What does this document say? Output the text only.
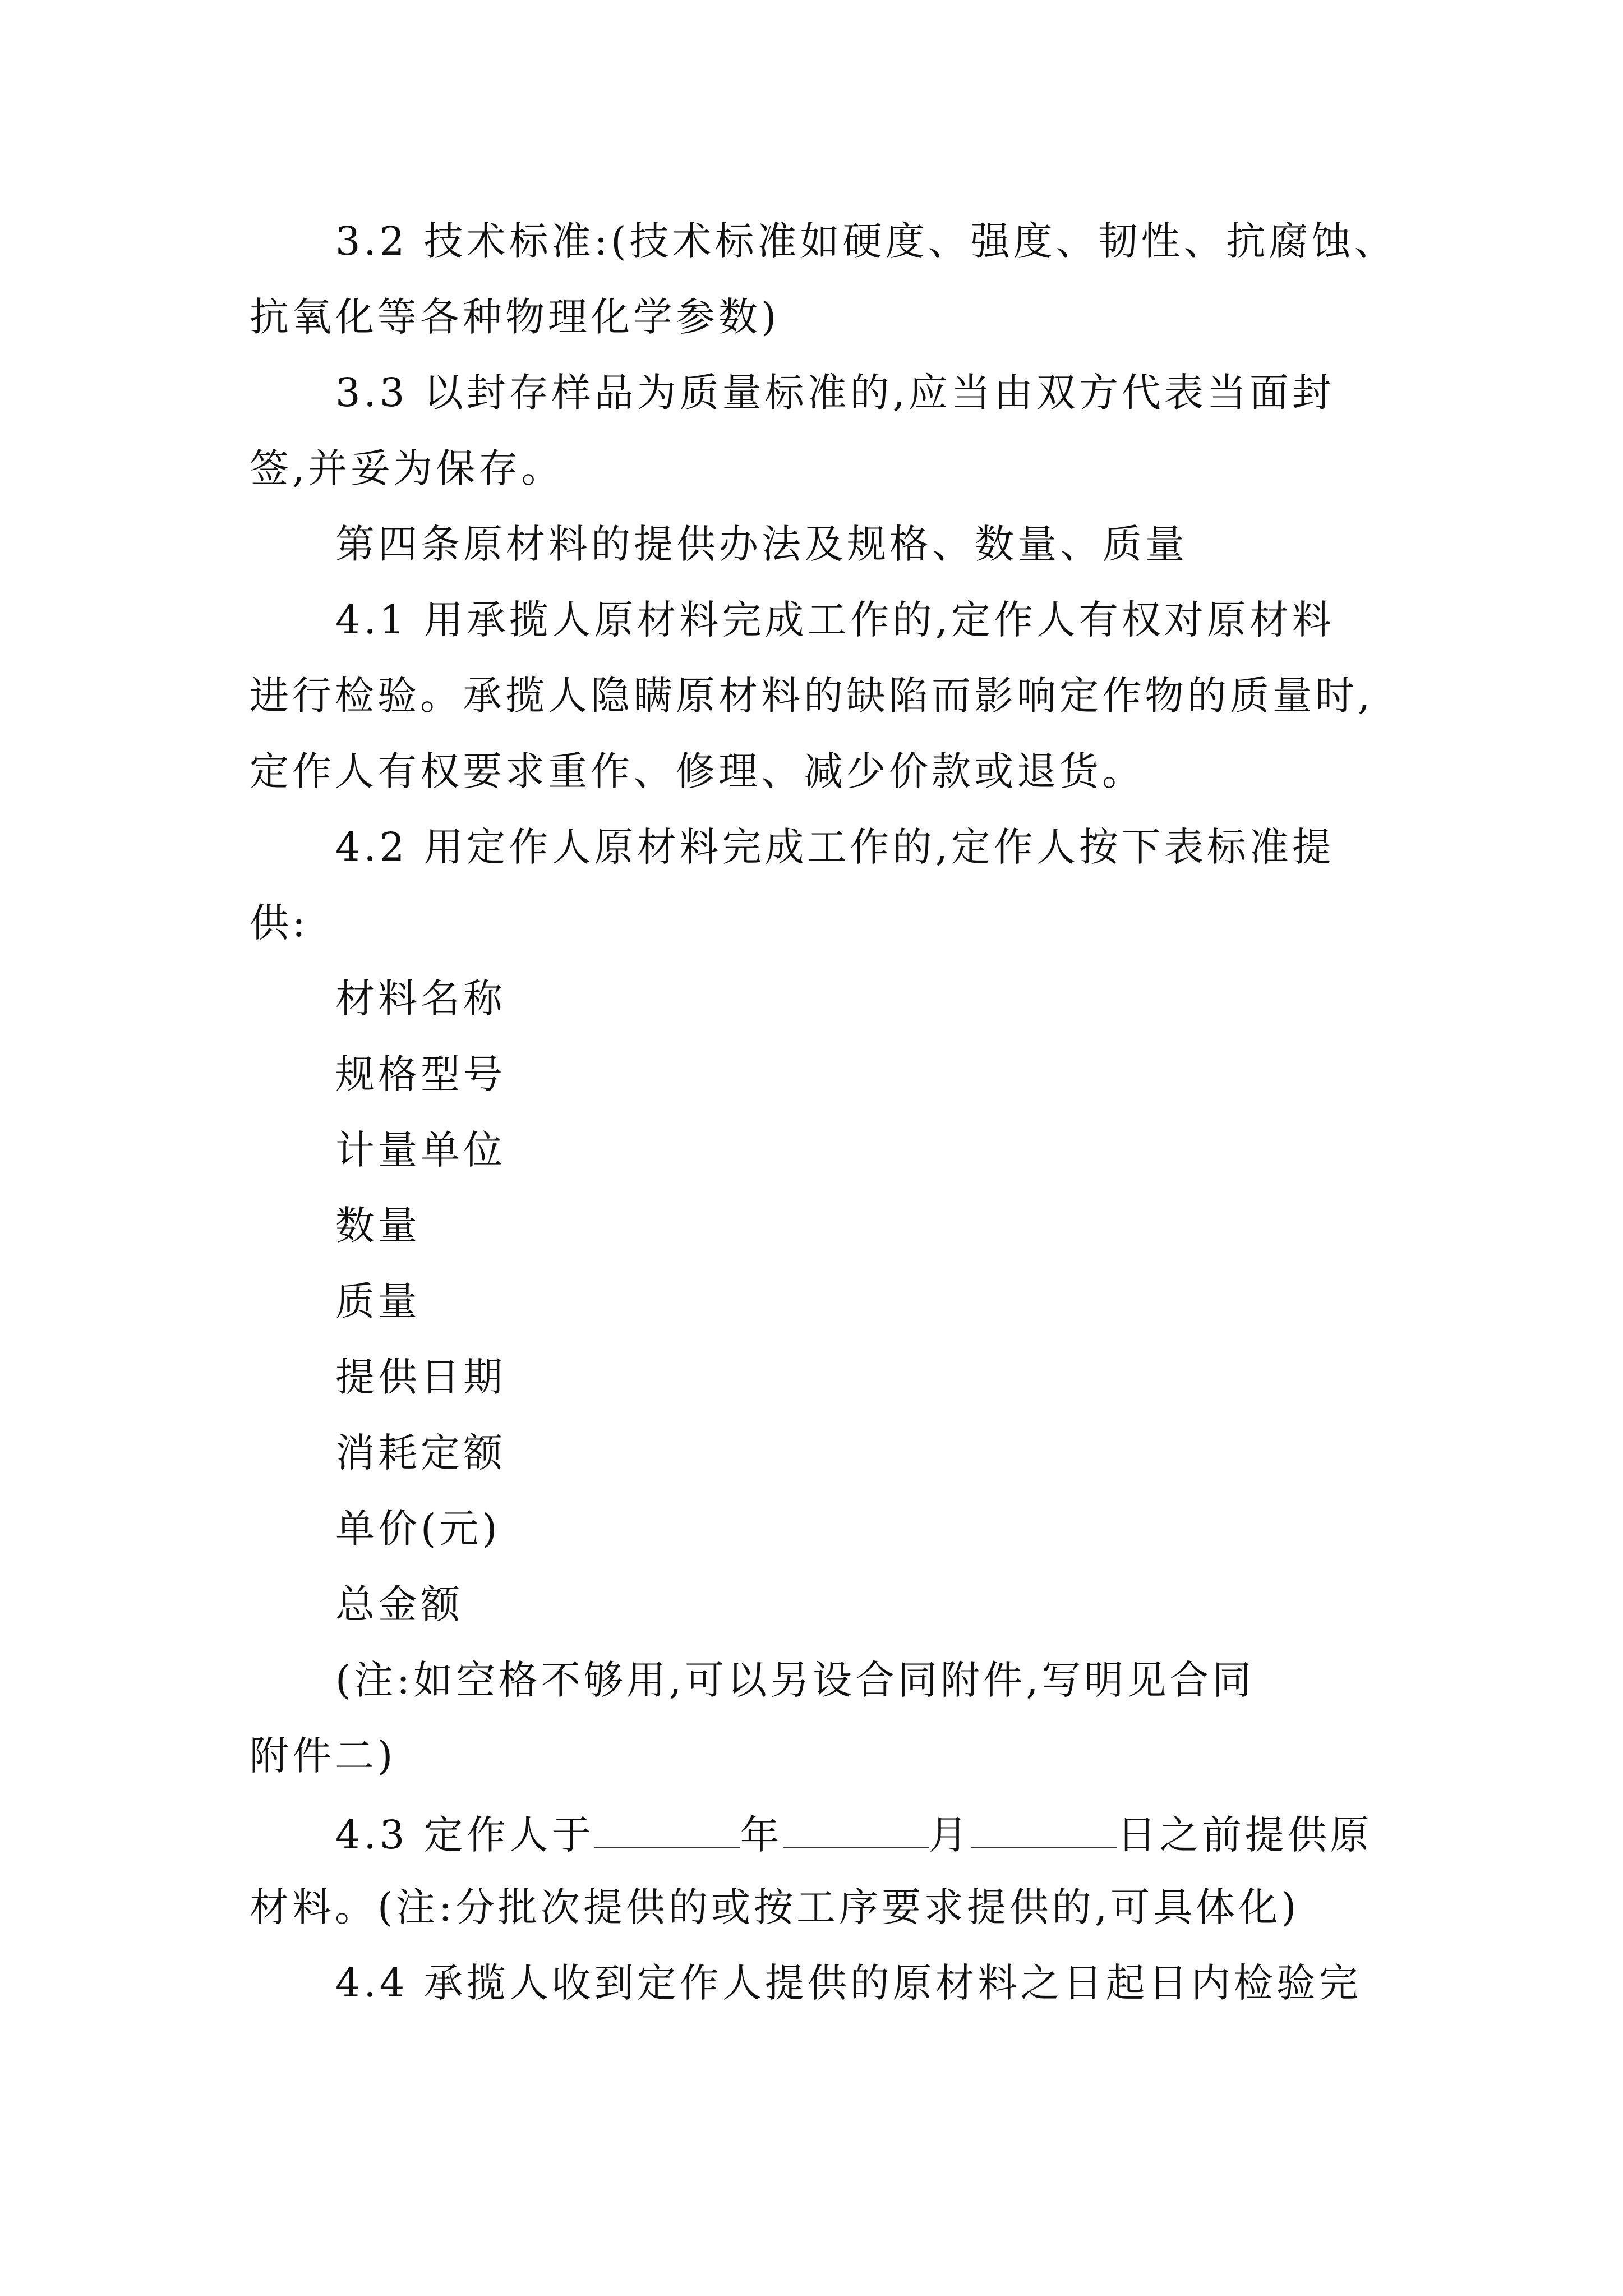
3.2 技术标准:(技术标准如硬度、强度、韧性、抗腐蚀、
抗氧化等各种物理化学参数)
3.3 以封存样品为质量标准的,应当由双方代表当面封
签,并妥为保存。
第四条原材料的提供办法及规格、数量、质量
4.1 用承揽人原材料完成工作的,定作人有权对原材料
进行检验。承揽人隐瞒原材料的缺陷而影响定作物的质量时,
定作人有权要求重作、修理、减少价款或退货。
4.2 用定作人原材料完成工作的,定作人按下表标准提
供:
材料名称
规格型号
计量单位
数量
质量
提供日期
消耗定额
单价(元)
总金额
(注:如空格不够用,可以另设合同附件,写明见合同
附件二)
4.3 定作人于	年	月	日之前提供原
材料。(注:分批次提供的或按工序要求提供的,可具体化)
4.4 承揽人收到定作人提供的原材料之日起日内检验完
